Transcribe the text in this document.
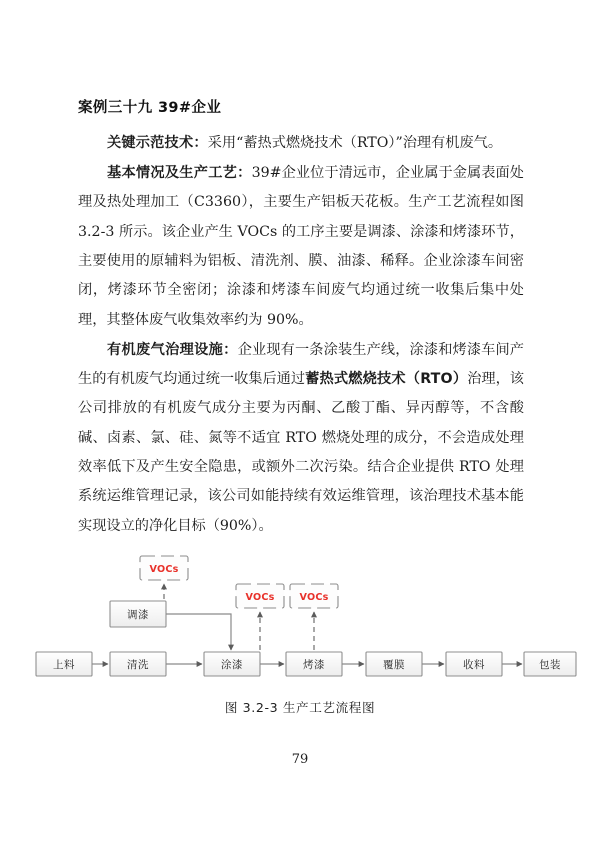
案例三十九 39#企业

关键示范技术：采用“蓄热式燃烧技术（RTO）”治理有机废气。

基本情况及生产工艺：39#企业位于清远市，企业属于金属表面处理及热处理加工（C3360），主要生产铝板天花板。生产工艺流程如图 3.2-3 所示。该企业产生 VOCs 的工序主要是调漆、涂漆和烤漆环节，主要使用的原辅料为铝板、清洗剂、膜、油漆、稀释。企业涂漆车间密闭，烤漆环节全密闭；涂漆和烤漆车间废气均通过统一收集后集中处理，其整体废气收集效率约为 90%。

有机废气治理设施：企业现有一条涂装生产线，涂漆和烤漆车间产生的有机废气均通过统一收集后通过蓄热式燃烧技术（RTO）治理，该公司排放的有机废气成分主要为丙酮、乙酸丁酯、异丙醇等，不含酸碱、卤素、氯、硅、氮等不适宜 RTO 燃烧处理的成分，不会造成处理效率低下及产生安全隐患，或额外二次污染。结合企业提供 RTO 处理系统运维管理记录，该公司如能持续有效运维管理，该治理技术基本能实现设立的净化目标（90%）。

VOCs
VOCs	VOCs
调漆
上料	清洗	涂漆	烤漆	覆膜	收料	包装
图 3.2-3 生产工艺流程图
79
